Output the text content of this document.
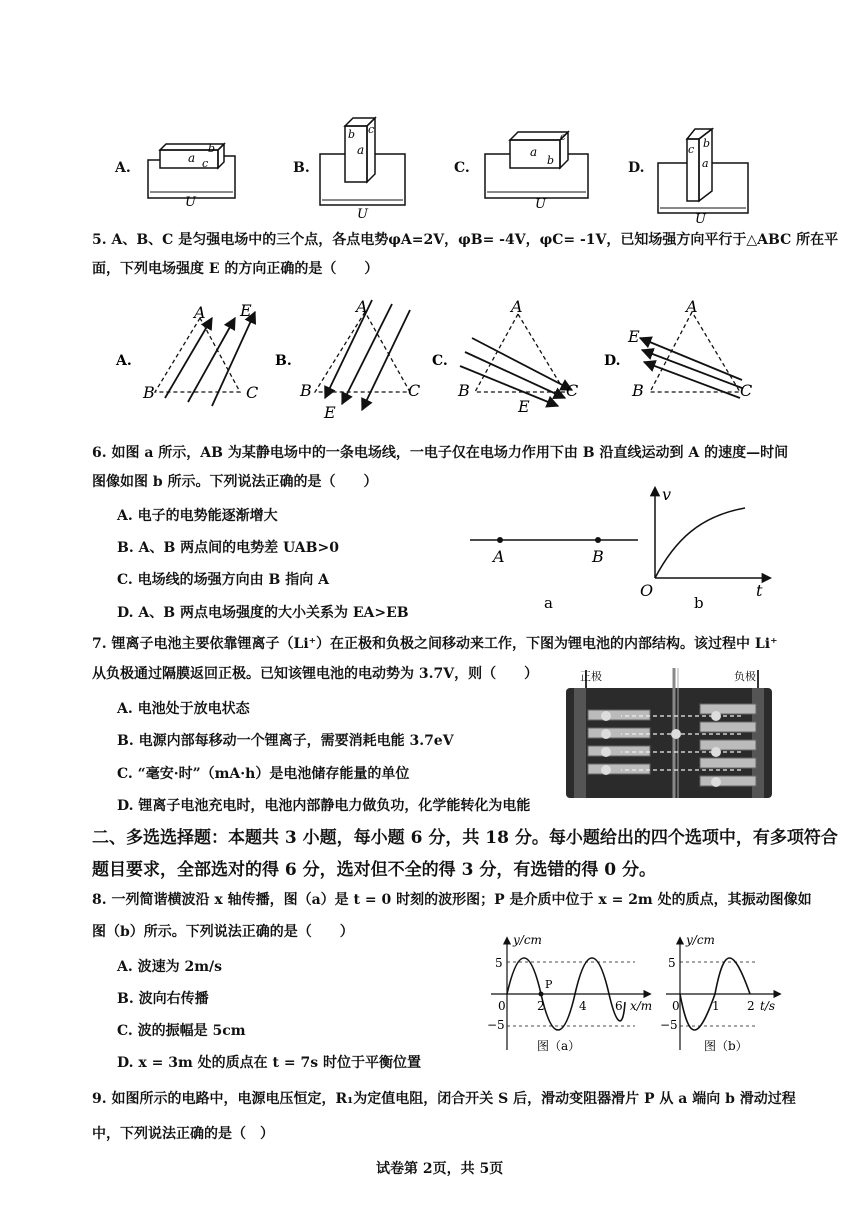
A.
a
b
c
U
B.
a
b c
U
C.
a
b
c
U
D.
c b
a
U
5. A、B、C 是匀强电场中的三个点，各点电势φA=2V，φB= -4V，φC= -1V，已知场强方向平行于△ABC 所在平
面，下列电场强度 E 的方向正确的是（　　）
A.
A
B	C
E
B.
A
B	C
E
C.
A
B	C
E
D.
A
B	C
E
6. 如图 a 所示，AB 为某静电场中的一条电场线，一电子仅在电场力作用下由 B 沿直线运动到 A 的速度—时间
图像如图 b 所示。下列说法正确的是（　　）
A. 电子的电势能逐渐增大
B. A、B 两点间的电势差 UAB>0
C. 电场线的场强方向由 B 指向 A
D. A、B 两点电场强度的大小关系为 EA>EB
A	B
a
v
O	t
b
7. 锂离子电池主要依靠锂离子（Li⁺）在正极和负极之间移动来工作，下图为锂电池的内部结构。该过程中 Li⁺
从负极通过隔膜返回正极。已知该锂电池的电动势为 3.7V，则（　　）
A. 电池处于放电状态
B. 电源内部每移动一个锂离子，需要消耗电能 3.7eV
C. “毫安·时”（mA·h）是电池储存能量的单位
D. 锂离子电池充电时，电池内部静电力做负功，化学能转化为电能
正极	负极
二、多选选择题：本题共 3 小题，每小题 6 分，共 18 分。每小题给出的四个选项中，有多项符合
题目要求，全部选对的得 6 分，选对但不全的得 3 分，有选错的得 0 分。
8. 一列简谐横波沿 x 轴传播，图（a）是 t = 0 时刻的波形图；P 是介质中位于 x = 2m 处的质点，其振动图像如
图（b）所示。下列说法正确的是（　　）
A. 波速为 2m/s
B. 波向右传播
C. 波的振幅是 5cm
D. x = 3m 处的质点在 t = 7s 时位于平衡位置
y/cm
5
−5
0	2	4 6 x/m
P
图（a）
y/cm
5
−5
0	1 2 t/s
图（b）
9. 如图所示的电路中，电源电压恒定，R₁为定值电阻，闭合开关 S 后，滑动变阻器滑片 P 从 a 端向 b 滑动过程
中，下列说法正确的是（　）
试卷第 2页，共 5页
